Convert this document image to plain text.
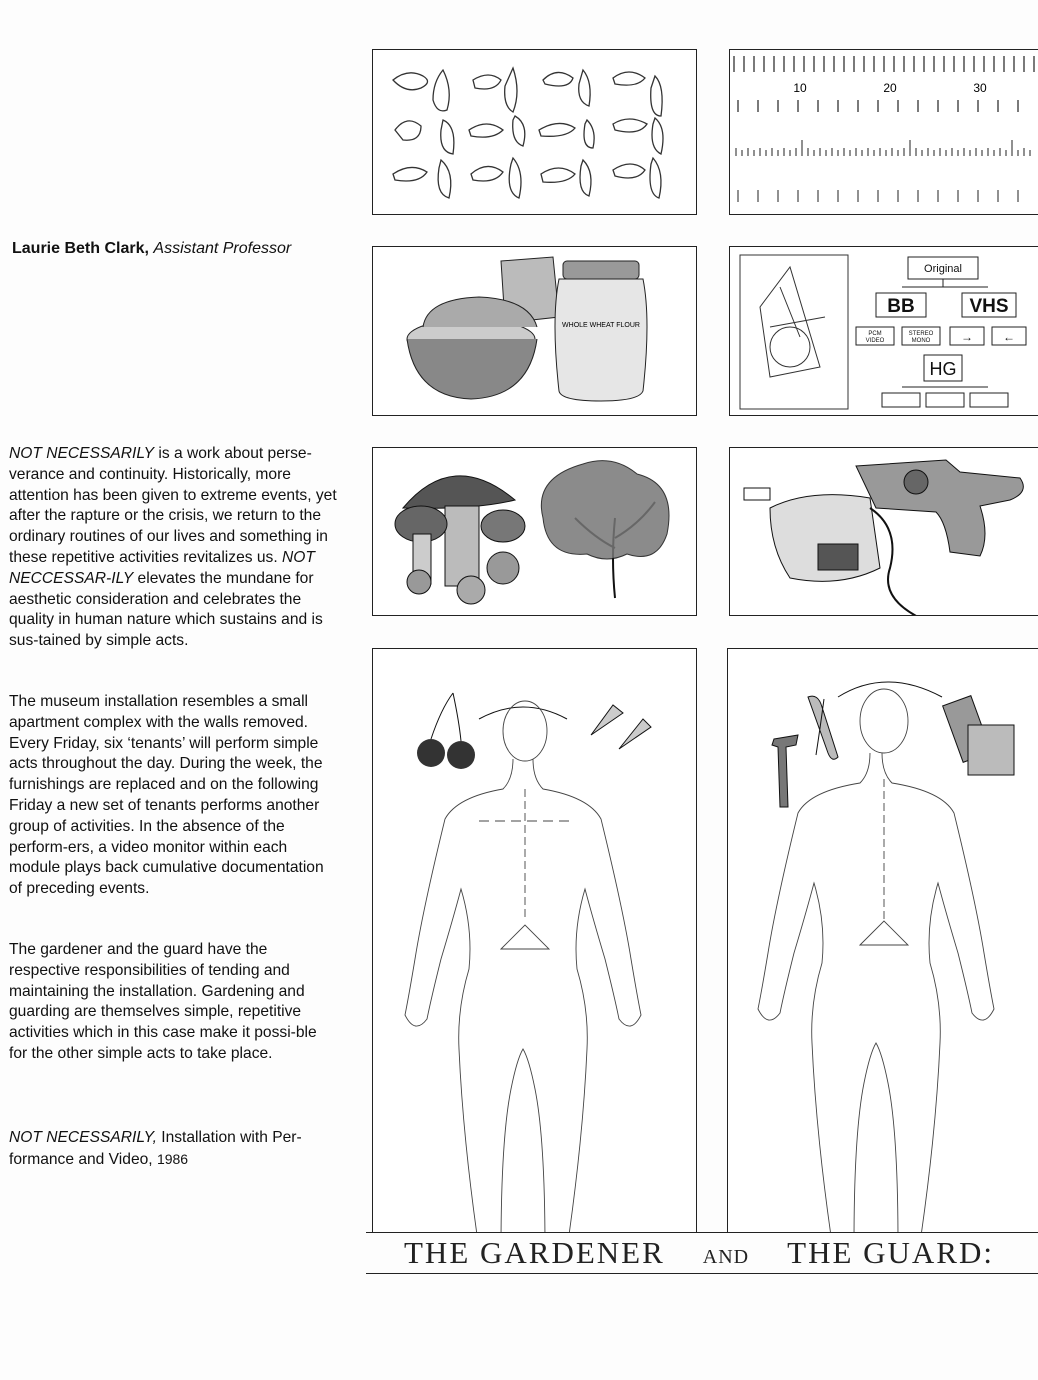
Laurie Beth Clark, Assistant Professor
NOT NECESSARILY is a work about perse-verance and continuity. Historically, more attention has been given to extreme events, yet after the rapture or the crisis, we return to the ordinary routines of our lives and something in these repetitive activities revitalizes us. NOT NECCESSAR-ILY elevates the mundane for aesthetic consideration and celebrates the quality in human nature which sustains and is sus-tained by simple acts.
The museum installation resembles a small apartment complex with the walls removed. Every Friday, six ‘tenants’ will perform simple acts throughout the day. During the week, the furnishings are replaced and on the following Friday a new set of tenants performs another group of activities. In the absence of the perform-ers, a video monitor within each module plays back cumulative documentation of preceding events.
The gardener and the guard have the respective responsibilities of tending and maintaining the installation. Gardening and guarding are themselves simple, repetitive activities which in this case make it possi-ble for the other simple acts to take place.
NOT NECESSARILY, Installation with Per-formance and Video, 1986
10	20	30
WHOLE WHEAT FLOUR
Original
BB	VHS
PCM
VIDEO
STEREO
MONO	→	←
HG
THE GARDENER AND THE GUARD:
